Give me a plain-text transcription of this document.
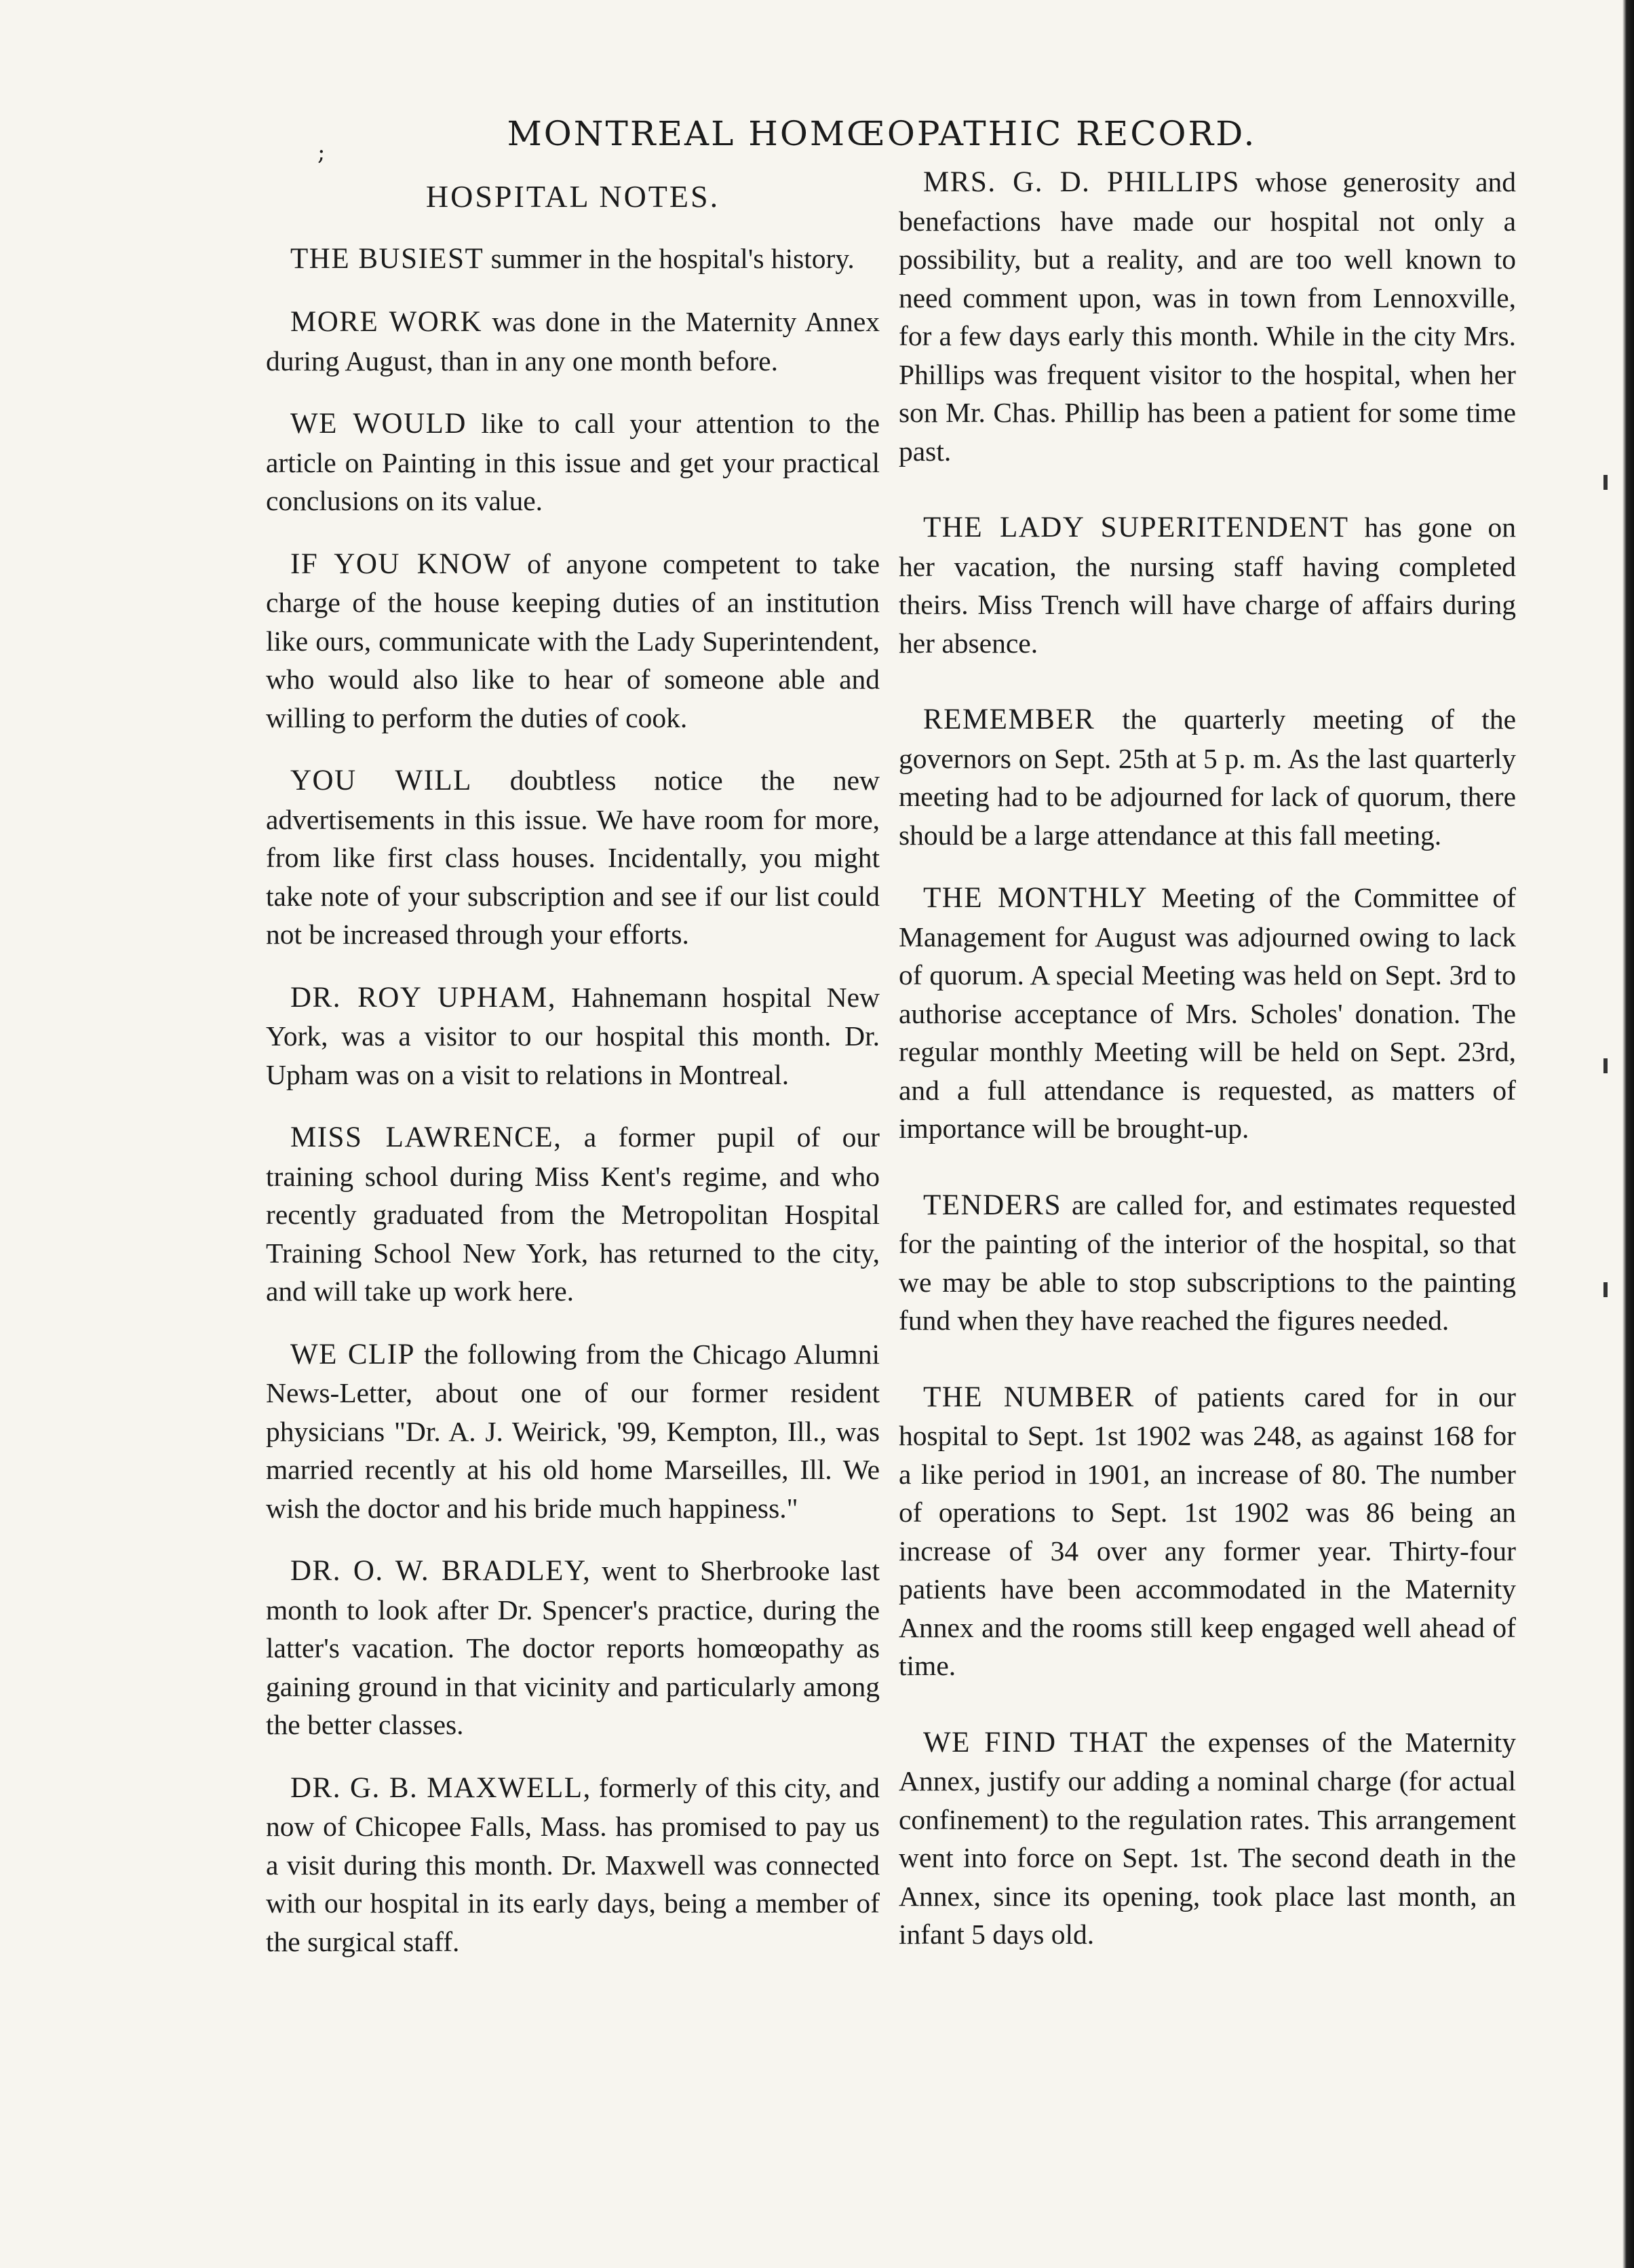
;	MONTREAL HOMŒOPATHIC RECORD.
HOSPITAL NOTES.

THE BUSIEST summer in the hospital's history.

MORE WORK was done in the Maternity Annex during August, than in any one month before.

WE WOULD like to call your attention to the article on Painting in this issue and get your practical conclusions on its value.

IF YOU KNOW of anyone competent to take charge of the house keeping duties of an institution like ours, communicate with the Lady Superintendent, who would also like to hear of someone able and willing to perform the duties of cook.

YOU WILL doubtless notice the new advertisements in this issue. We have room for more, from like first class houses. Incidentally, you might take note of your subscription and see if our list could not be increased through your efforts.

DR. ROY UPHAM, Hahnemann hospital New York, was a visitor to our hospital this month. Dr. Upham was on a visit to relations in Montreal.

MISS LAWRENCE, a former pupil of our training school during Miss Kent's regime, and who recently graduated from the Metropolitan Hospital Training School New York, has returned to the city, and will take up work here.

WE CLIP the following from the Chicago Alumni News-Letter, about one of our former resident physicians "Dr. A. J. Weirick, '99, Kempton, Ill., was married recently at his old home Marseilles, Ill. We wish the doctor and his bride much happiness."

DR. O. W. BRADLEY, went to Sherbrooke last month to look after Dr. Spencer's practice, during the latter's vacation. The doctor reports homœopathy as gaining ground in that vicinity and particularly among the better classes.

DR. G. B. MAXWELL, formerly of this city, and now of Chicopee Falls, Mass. has promised to pay us a visit during this month. Dr. Maxwell was connected with our hospital in its early days, being a member of the surgical staff.

MRS. G. D. PHILLIPS whose generosity and benefactions have made our hospital not only a possibility, but a reality, and are too well known to need comment upon, was in town from Lennoxville, for a few days early this month. While in the city Mrs. Phillips was frequent visitor to the hospital, when her son Mr. Chas. Phillip has been a patient for some time past.

THE LADY SUPERITENDENT has gone on her vacation, the nursing staff having completed theirs. Miss Trench will have charge of affairs during her absence.

REMEMBER the quarterly meeting of the governors on Sept. 25th at 5 p. m. As the last quarterly meeting had to be adjourned for lack of quorum, there should be a large attendance at this fall meeting.

THE MONTHLY Meeting of the Committee of Management for August was adjourned owing to lack of quorum. A special Meeting was held on Sept. 3rd to authorise acceptance of Mrs. Scholes' donation. The regular monthly Meeting will be held on Sept. 23rd, and a full attendance is requested, as matters of importance will be brought-up.

TENDERS are called for, and estimates requested for the painting of the interior of the hospital, so that we may be able to stop subscriptions to the painting fund when they have reached the figures needed.

THE NUMBER of patients cared for in our hospital to Sept. 1st 1902 was 248, as against 168 for a like period in 1901, an increase of 80. The number of operations to Sept. 1st 1902 was 86 being an increase of 34 over any former year. Thirty-four patients have been accommodated in the Maternity Annex and the rooms still keep engaged well ahead of time.

WE FIND THAT the expenses of the Maternity Annex, justify our adding a nominal charge (for actual confinement) to the regulation rates. This arrangement went into force on Sept. 1st. The second death in the Annex, since its opening, took place last month, an infant 5 days old.
